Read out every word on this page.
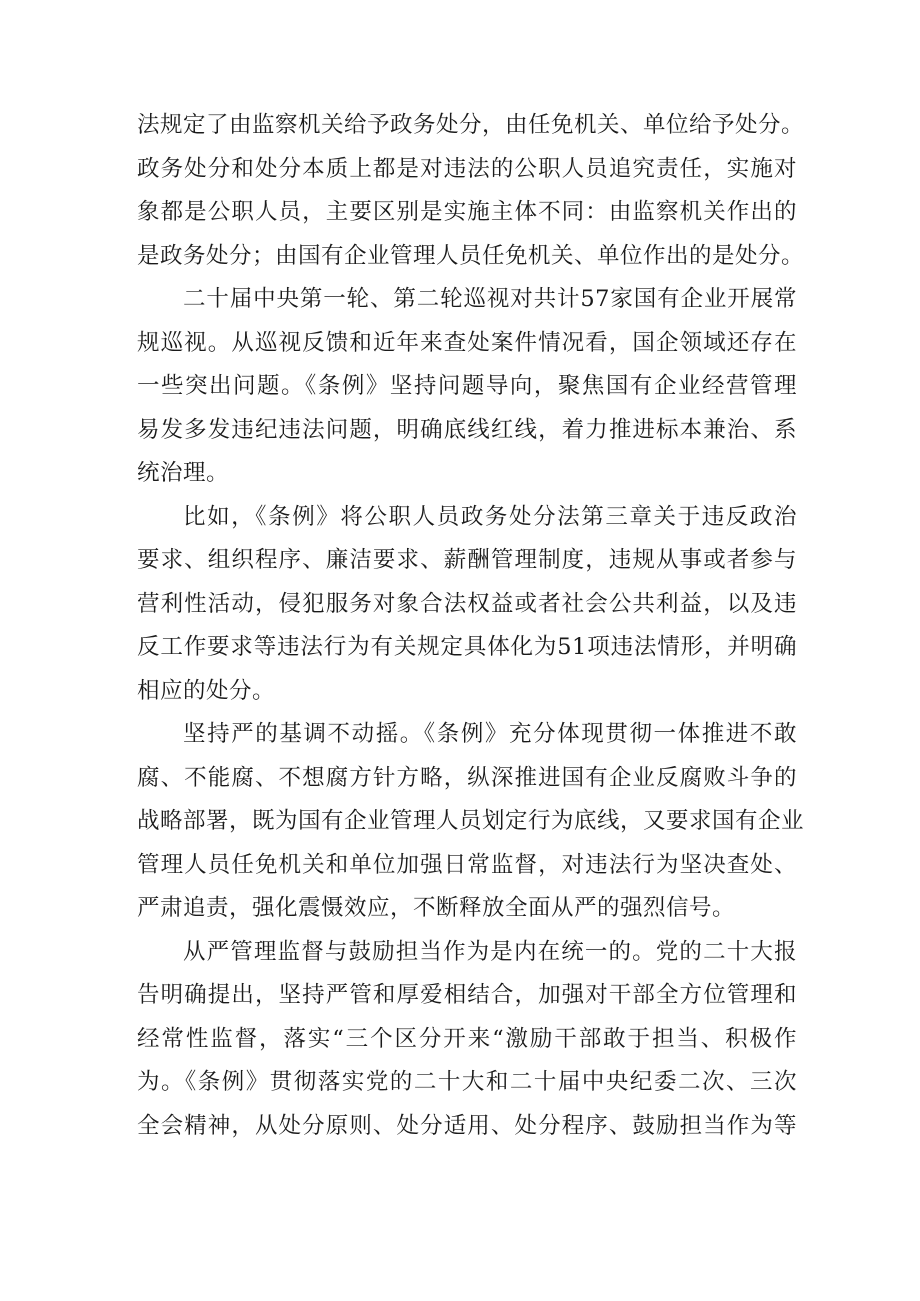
法规定了由监察机关给予政务处分，由任免机关、单位给予处分。
政务处分和处分本质上都是对违法的公职人员追究责任，实施对
象都是公职人员，主要区别是实施主体不同：由监察机关作出的
是政务处分；由国有企业管理人员任免机关、单位作出的是处分。
二十届中央第一轮、第二轮巡视对共计57家国有企业开展常
规巡视。从巡视反馈和近年来查处案件情况看，国企领域还存在
一些突出问题。《条例》坚持问题导向，聚焦国有企业经营管理
易发多发违纪违法问题，明确底线红线，着力推进标本兼治、系
统治理。
比如，《条例》将公职人员政务处分法第三章关于违反政治
要求、组织程序、廉洁要求、薪酬管理制度，违规从事或者参与
营利性活动，侵犯服务对象合法权益或者社会公共利益，以及违
反工作要求等违法行为有关规定具体化为51项违法情形，并明确
相应的处分。
坚持严的基调不动摇。《条例》充分体现贯彻一体推进不敢
腐、不能腐、不想腐方针方略，纵深推进国有企业反腐败斗争的
战略部署，既为国有企业管理人员划定行为底线，又要求国有企业
管理人员任免机关和单位加强日常监督，对违法行为坚决查处、
严肃追责，强化震慑效应，不断释放全面从严的强烈信号。
从严管理监督与鼓励担当作为是内在统一的。党的二十大报
告明确提出，坚持严管和厚爱相结合，加强对干部全方位管理和
经常性监督，落实“三个区分开来“激励干部敢于担当、积极作
为。《条例》贯彻落实党的二十大和二十届中央纪委二次、三次
全会精神，从处分原则、处分适用、处分程序、鼓励担当作为等
